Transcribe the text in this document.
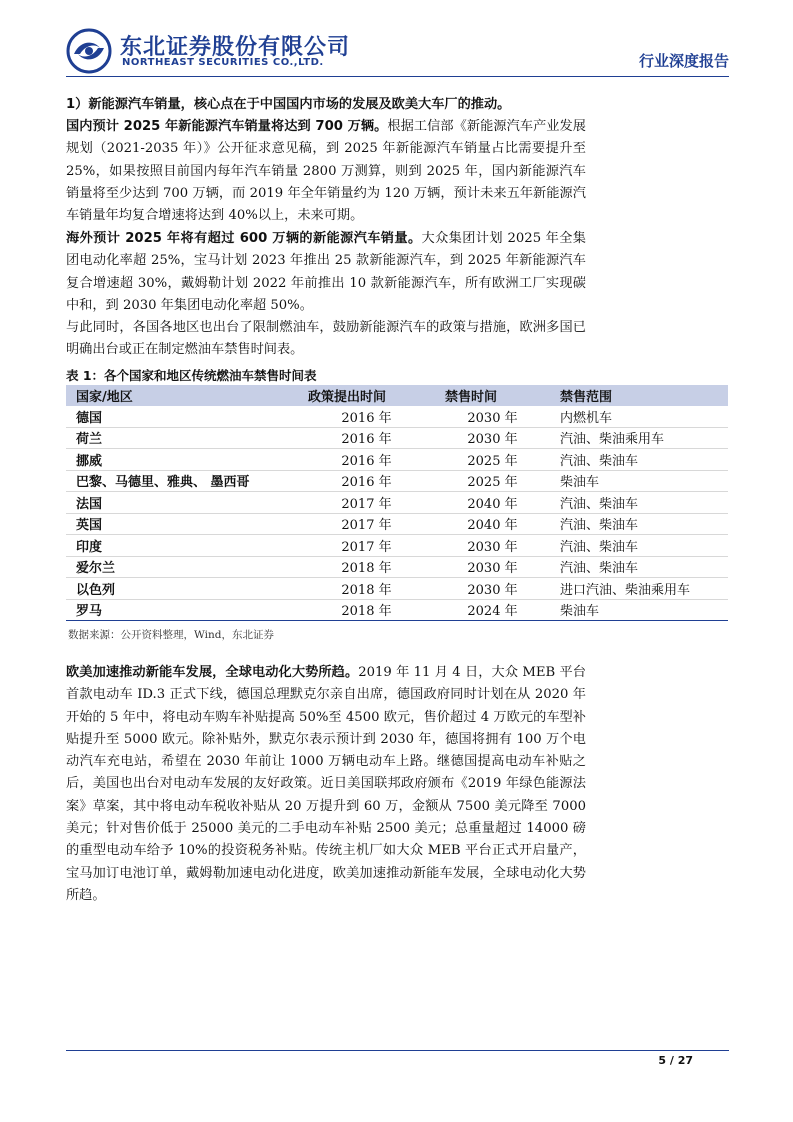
东北证券股份有限公司
NORTHEAST SECURITIES CO.,LTD.	行业深度报告
1）新能源汽车销量，核心点在于中国国内市场的发展及欧美大车厂的推动。
国内预计 2025 年新能源汽车销量将达到 700 万辆。根据工信部《新能源汽车产业发展规划（2021-2035 年）》公开征求意见稿，到 2025 年新能源汽车销量占比需要提升至 25%，如果按照目前国内每年汽车销量 2800 万测算，则到 2025 年，国内新能源汽车销量将至少达到 700 万辆，而 2019 年全年销量约为 120 万辆，预计未来五年新能源汽车销量年均复合增速将达到 40%以上，未来可期。
海外预计 2025 年将有超过 600 万辆的新能源汽车销量。大众集团计划 2025 年全集团电动化率超 25%，宝马计划 2023 年推出 25 款新能源汽车，到 2025 年新能源汽车复合增速超 30%，戴姆勒计划 2022 年前推出 10 款新能源汽车，所有欧洲工厂实现碳中和，到 2030 年集团电动化率超 50%。
与此同时，各国各地区也出台了限制燃油车，鼓励新能源汽车的政策与措施，欧洲多国已明确出台或正在制定燃油车禁售时间表。
表 1：各个国家和地区传统燃油车禁售时间表
国家/地区	政策提出时间	禁售时间	禁售范围
德国	2016 年	2030 年	内燃机车
荷兰	2016 年	2030 年	汽油、柴油乘用车
挪威	2016 年	2025 年	汽油、柴油车
巴黎、马德里、雅典、 墨西哥	2016 年	2025 年	柴油车
法国	2017 年	2040 年	汽油、柴油车
英国	2017 年	2040 年	汽油、柴油车
印度	2017 年	2030 年	汽油、柴油车
爱尔兰	2018 年	2030 年	汽油、柴油车
以色列	2018 年	2030 年	进口汽油、柴油乘用车
罗马	2018 年	2024 年	柴油车
数据来源：公开资料整理，Wind，东北证券
欧美加速推动新能车发展，全球电动化大势所趋。2019 年 11 月 4 日，大众 MEB 平台首款电动车 ID.3 正式下线，德国总理默克尔亲自出席，德国政府同时计划在从 2020 年开始的 5 年中，将电动车购车补贴提高 50%至 4500 欧元，售价超过 4 万欧元的车型补贴提升至 5000 欧元。除补贴外，默克尔表示预计到 2030 年，德国将拥有 100 万个电动汽车充电站，希望在 2030 年前让 1000 万辆电动车上路。继德国提高电动车补贴之后，美国也出台对电动车发展的友好政策。近日美国联邦政府颁布《2019 年绿色能源法案》草案，其中将电动车税收补贴从 20 万提升到 60 万，金额从 7500 美元降至 7000 美元；针对售价低于 25000 美元的二手电动车补贴 2500 美元；总重量超过 14000 磅的重型电动车给予 10%的投资税务补贴。传统主机厂如大众 MEB 平台正式开启量产，宝马加订电池订单，戴姆勒加速电动化进度，欧美加速推动新能车发展，全球电动化大势所趋。
5 / 27
